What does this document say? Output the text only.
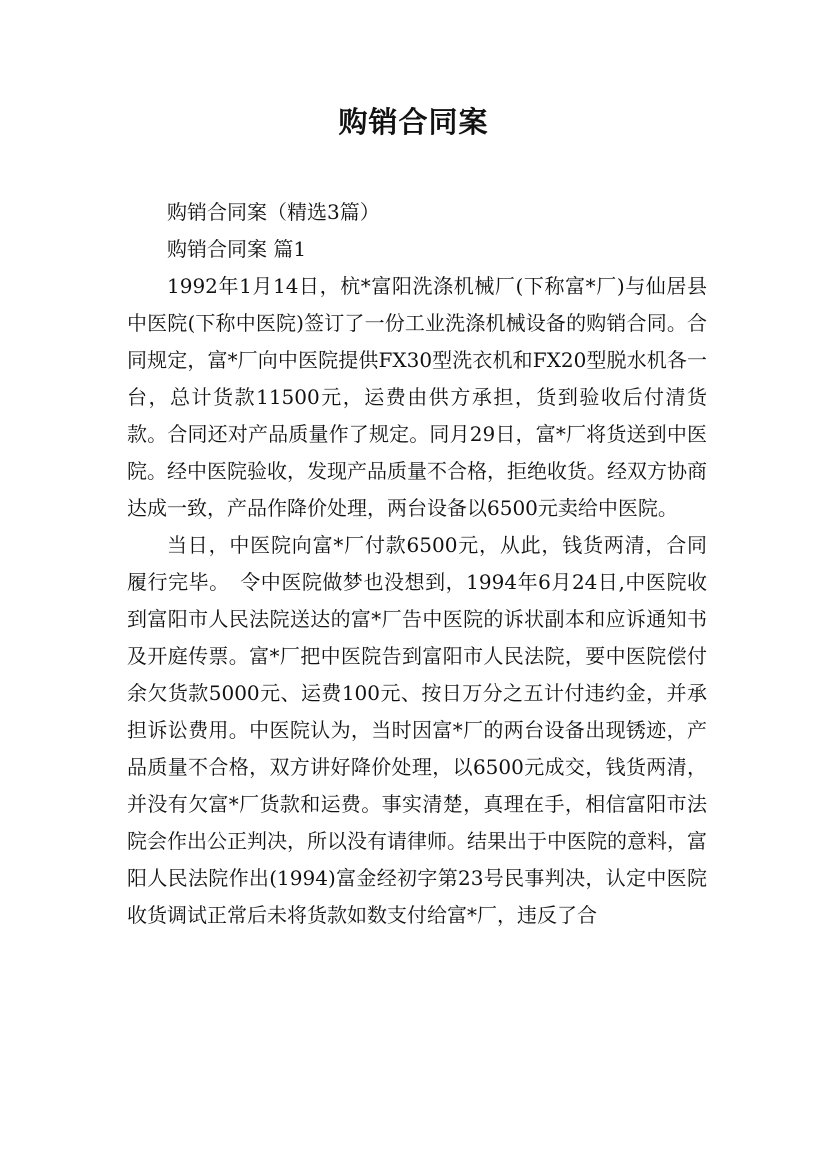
购销合同案

购销合同案（精选3篇）

购销合同案 篇1

1992年1月14日，杭*富阳洗涤机械厂(下称富*厂)与仙居县中医院(下称中医院)签订了一份工业洗涤机械设备的购销合同。合同规定，富*厂向中医院提供FX30型洗衣机和FX20型脱水机各一台，总计货款11500元，运费由供方承担，货到验收后付清货款。合同还对产品质量作了规定。同月29日，富*厂将货送到中医院。经中医院验收，发现产品质量不合格，拒绝收货。经双方协商达成一致，产品作降价处理，两台设备以6500元卖给中医院。

当日，中医院向富*厂付款6500元，从此，钱货两清，合同履行完毕。　令中医院做梦也没想到，1994年6月24日,中医院收到富阳市人民法院送达的富*厂告中医院的诉状副本和应诉通知书及开庭传票。富*厂把中医院告到富阳市人民法院，要中医院偿付余欠货款5000元、运费100元、按日万分之五计付违约金，并承担诉讼费用。中医院认为，当时因富*厂的两台设备出现锈迹，产品质量不合格，双方讲好降价处理，以6500元成交，钱货两清，并没有欠富*厂货款和运费。事实清楚，真理在手，相信富阳市法院会作出公正判决，所以没有请律师。结果出于中医院的意料，富阳人民法院作出(1994)富金经初字第23号民事判决，认定中医院收货调试正常后未将货款如数支付给富*厂，违反了合
